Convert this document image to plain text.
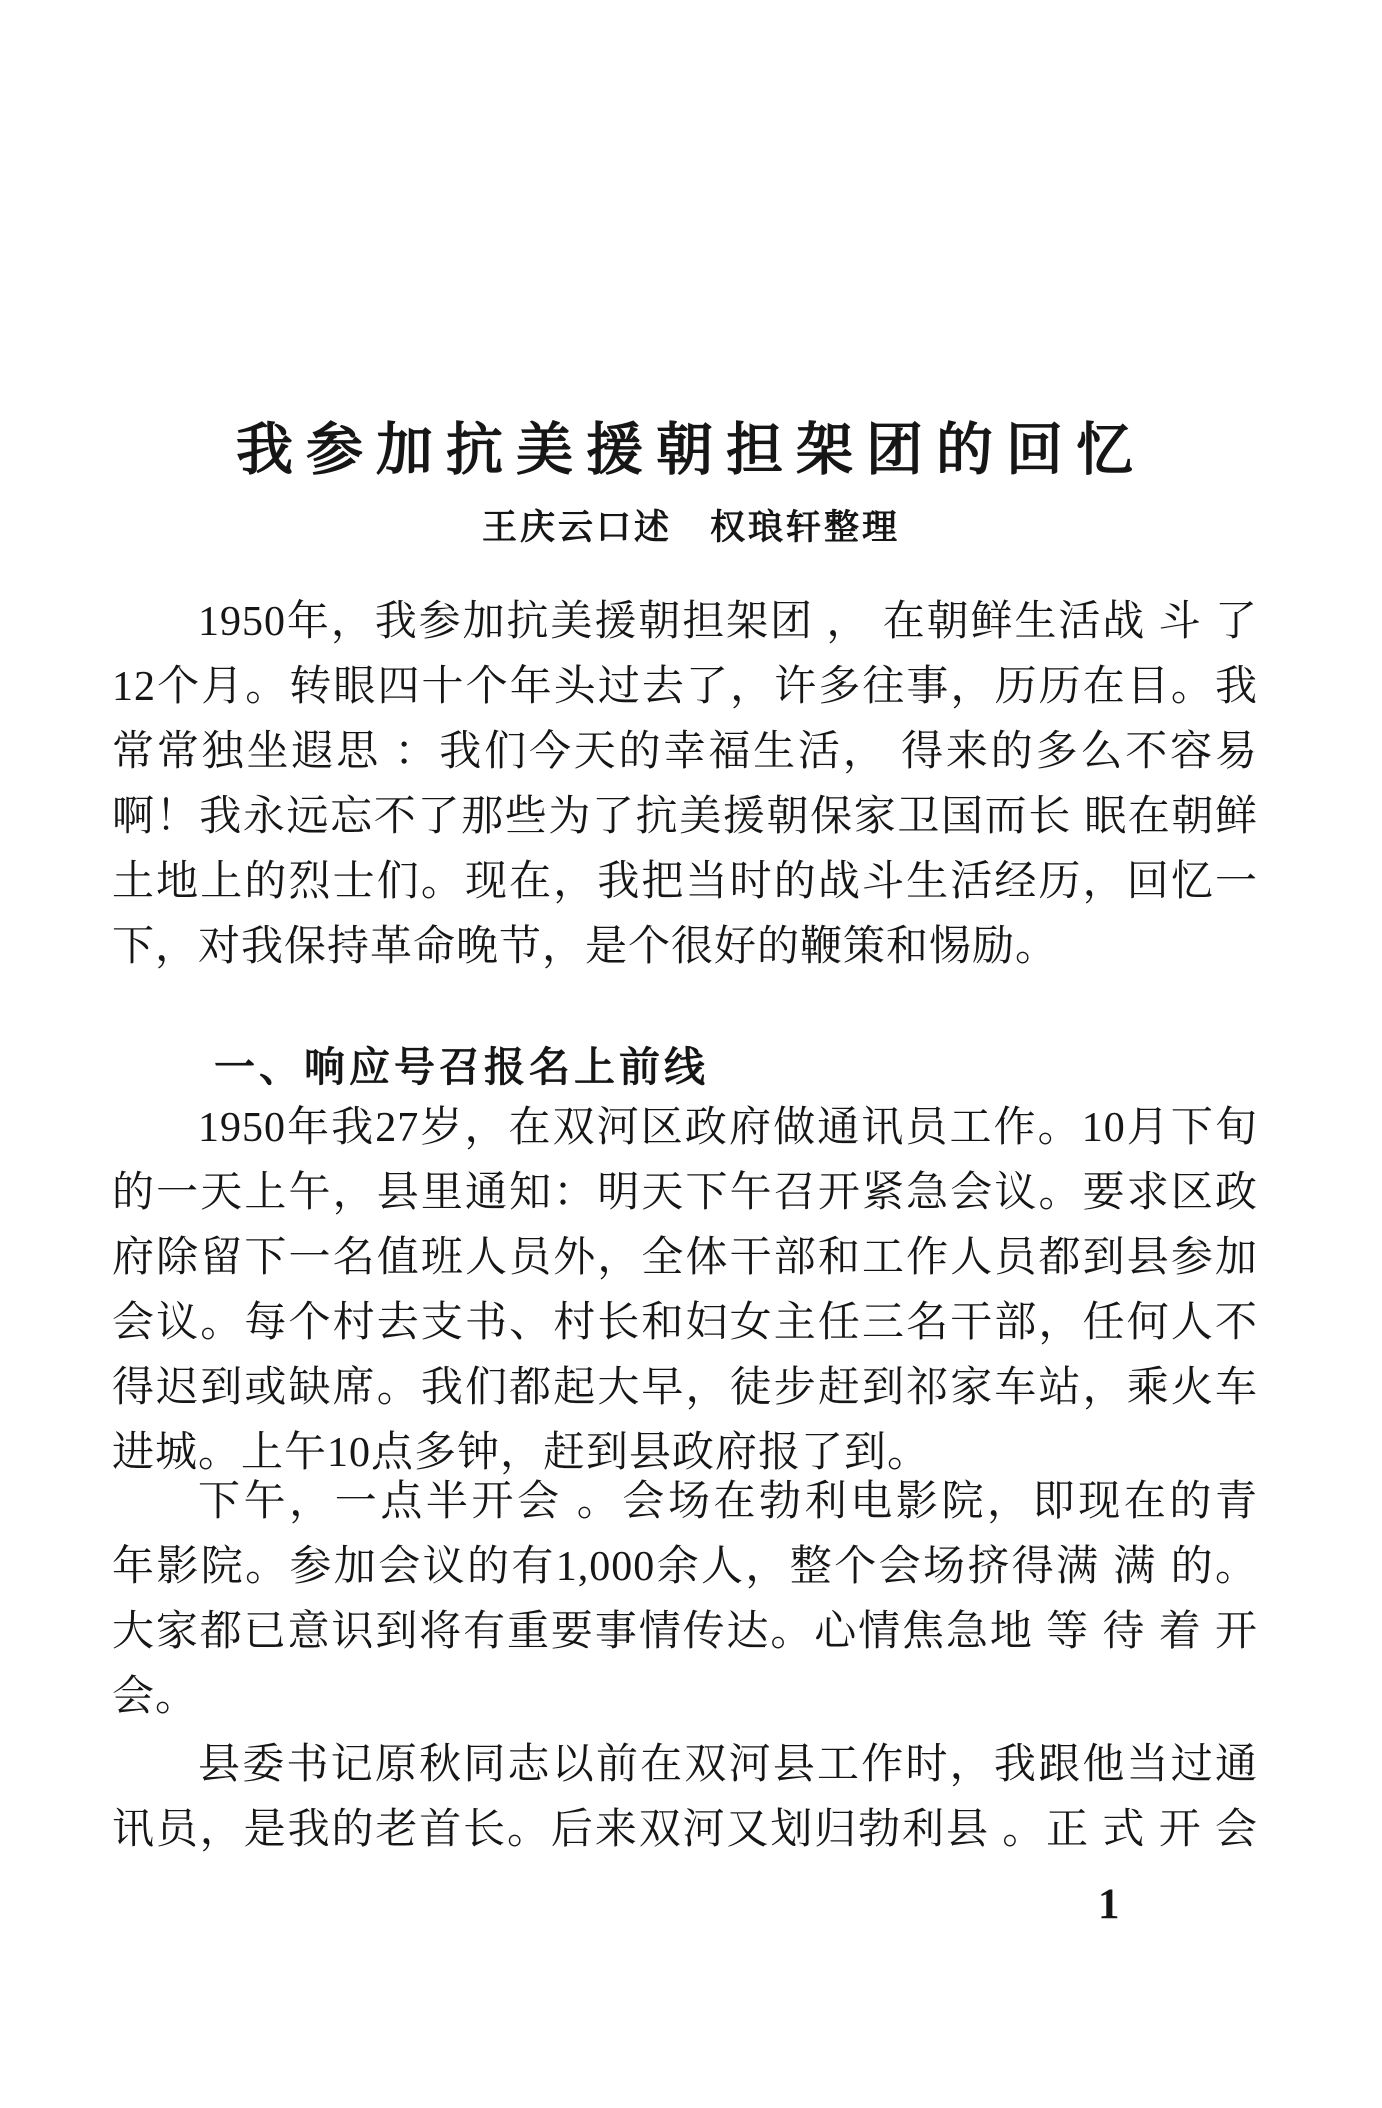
我参加抗美援朝担架团的回忆
王庆云口述　权琅轩整理
1950年，我参加抗美援朝担架团 ， 在朝鲜生活战 斗 了
12个月。转眼四十个年头过去了，许多往事，历历在目。我
常常独坐遐思 ：我们今天的幸福生活， 得来的多么不容易
啊！我永远忘不了那些为了抗美援朝保家卫国而长 眠在朝鲜
土地上的烈士们。现在，我把当时的战斗生活经历，回忆一
下，对我保持革命晚节，是个很好的鞭策和惕励。
一、响应号召报名上前线
1950年我27岁，在双河区政府做通讯员工作。10月下旬
的一天上午，县里通知：明天下午召开紧急会议。要求区政
府除留下一名值班人员外，全体干部和工作人员都到县参加
会议。每个村去支书、村长和妇女主任三名干部，任何人不
得迟到或缺席。我们都起大早，徒步赶到祁家车站，乘火车
进城。上午10点多钟，赶到县政府报了到。
下午，一点半开会 。会场在勃利电影院，即现在的青
年影院。参加会议的有1,000余人，整个会场挤得满 满 的。
大家都已意识到将有重要事情传达。心情焦急地 等 待 着 开
会。
县委书记原秋同志以前在双河县工作时，我跟他当过通
讯员，是我的老首长。后来双河又划归勃利县 。正 式 开 会
1
